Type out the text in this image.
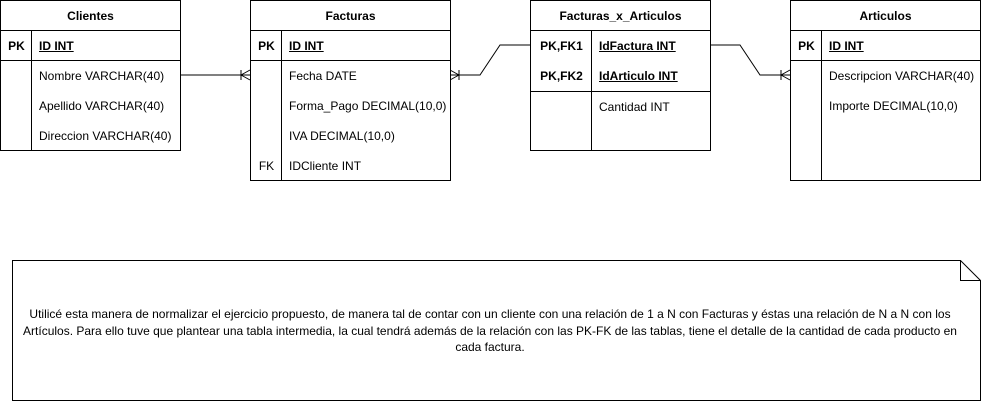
Clientes
PK	ID INT
Nombre VARCHAR(40)
Apellido VARCHAR(40)
Direccion VARCHAR(40)
Facturas
PK	ID INT
Fecha DATE
Forma_Pago DECIMAL(10,0)
IVA DECIMAL(10,0)
FK	IDCliente INT
Facturas_x_Articulos
PK,FK1	IdFactura INT
PK,FK2	IdArticulo INT
Cantidad INT
Articulos
PK	ID INT
Descripcion VARCHAR(40)
Importe DECIMAL(10,0)
Utilicé esta manera de normalizar el ejercicio propuesto, de manera tal de contar con un cliente con una relación de 1 a N con Facturas y éstas una relación de N a N con los Artículos. Para ello tuve que plantear una tabla intermedia, la cual tendrá además de la relación con las PK-FK de las tablas, tiene el detalle de la cantidad de cada producto en cada factura.
